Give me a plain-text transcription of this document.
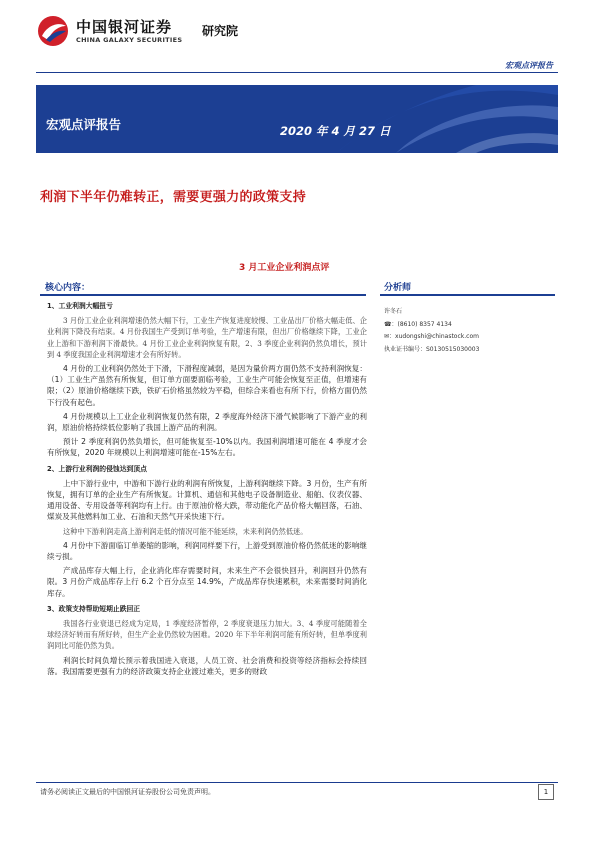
中国银河证券
CHINA GALAXY SECURITIES
研究院
宏观点评报告
宏观点评报告	2020 年 4 月 27 日
利润下半年仍难转正，需要更强力的政策支持
3 月工业企业利润点评
核心内容：	分析师
许冬石
☎：(8610) 8357 4134
✉：xudongshi@chinastock.com
执业证书编号：S0130515030003
1、工业利润大幅扭亏

3 月份工业企业利润增速仍然大幅下行，工业生产恢复进度较慢、工业品出厂价格大幅走低、企业利润下降没有结束。4 月份我国生产受到订单考验，生产增速有限，但出厂价格继续下降，工业企业上游和下游利润下滑最快。4 月份工业企业利润恢复有限，2、3 季度企业利润仍然负增长，预计到 4 季度我国企业利润增速才会有所好转。

4 月份的工业利润仍然处于下滑，下滑程度减弱，是因为量价两方面仍然不支持利润恢复：（1）工业生产虽然有所恢复，但订单方面要面临考验，工业生产可能会恢复至正值，但增速有限；（2）原油价格继续下跌，铁矿石价格虽然较为平稳，但综合来看也有所下行，价格方面仍然下行没有起色。

4 月份规模以上工业企业利润恢复仍然有限，2 季度海外经济下滑气候影响了下游产业的利润，原油价格持续低位影响了我国上游产品的利润。

预计 2 季度利润仍然负增长，但可能恢复至-10%以内。我国利润增速可能在 4 季度才会有所恢复，2020 年规模以上利润增速可能在-15%左右。

2、上游行业利润的侵蚀达到顶点

上中下游行业中，中游和下游行业的利润有所恢复，上游利润继续下降。3 月份，生产有所恢复，拥有订单的企业生产有所恢复。计算机、通信和其他电子设备制造业、船舶、仪表仪器、通用设备、专用设备等利润均有上行。由于原油价格大跌，带动能化产品价格大幅回落，石油、煤炭及其他燃料加工业、石油和天然气开采快速下行。

这种中下游利润走高上游利润走低的情况可能不能延续，未来利润仍然低迷。

4 月份中下游面临订单萎缩的影响，利润同样要下行，上游受到原油价格仍然低迷的影响继续亏损。

产成品库存大幅上行，企业消化库存需要时间，未来生产不会很快回升，利润回升仍然有限。3 月份产成品库存上行 6.2 个百分点至 14.9%，产成品库存快速累积，未来需要时间消化库存。

3、政策支持帮助短期止跌回正

我国各行业衰退已经成为定局，1 季度经济暂停，2 季度衰退压力加大。3、4 季度可能随着全球经济好转而有所好转，但生产企业仍然较为困难。2020 年下半年利润可能有所好转，但单季度利润同比可能仍然为负。

利润长时间负增长预示着我国进入衰退，人员工资、社会消费和投资等经济指标会持续回落。我国需要更强有力的经济政策支持企业渡过难关，更多的财政

请务必阅读正文最后的中国银河证券股份公司免责声明。	1
